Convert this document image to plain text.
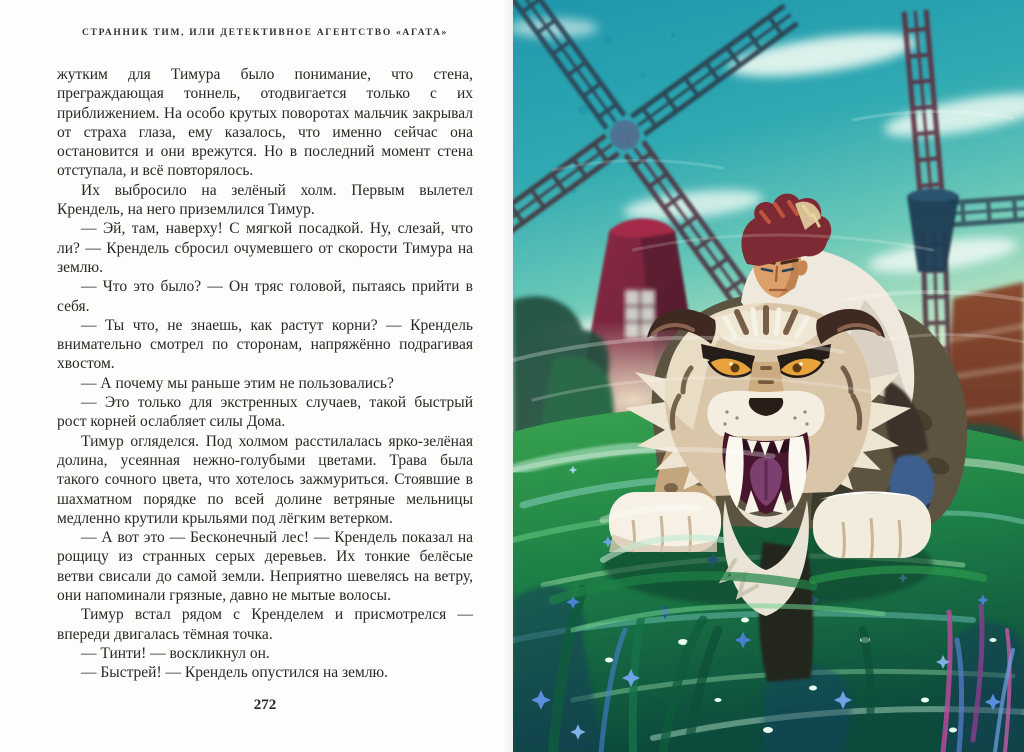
СТРАННИК ТИМ, ИЛИ ДЕТЕКТИВНОЕ АГЕНТСТВО «АГАТА»

жутким для Тимура было понимание, что стена, преграждающая тоннель, отодвигается только с их приближением. На особо крутых поворотах мальчик закрывал от страха глаза, ему казалось, что именно сейчас она остановится и они врежутся. Но в последний момент стена отступала, и всё повторялось.

Их выбросило на зелёный холм. Первым вылетел Крендель, на него приземлился Тимур.

— Эй, там, наверху! С мягкой посадкой. Ну, слезай, что ли? — Крендель сбросил очумевшего от скорости Тимура на землю.

— Что это было? — Он тряс головой, пытаясь прийти в себя.

— Ты что, не знаешь, как растут корни? — Крендель внимательно смотрел по сторонам, напряжённо подрагивая хвостом.

— А почему мы раньше этим не пользовались?

— Это только для экстренных случаев, такой быстрый рост корней ослабляет силы Дома.

Тимур огляделся. Под холмом расстилалась ярко-зелёная долина, усеянная нежно-голубыми цветами. Трава была такого сочного цвета, что хотелось зажмуриться. Стоявшие в шахматном порядке по всей долине ветряные мельницы медленно крутили крыльями под лёгким ветерком.

— А вот это — Бесконечный лес! — Крендель показал на рощицу из странных серых деревьев. Их тонкие белёсые ветви свисали до самой земли. Неприятно шевелясь на ветру, они напоминали грязные, давно не мытые волосы.

Тимур встал рядом с Кренделем и присмотрелся — впереди двигалась тёмная точка.

— Тинти! — воскликнул он.

— Быстрей! — Крендель опустился на землю.

272
